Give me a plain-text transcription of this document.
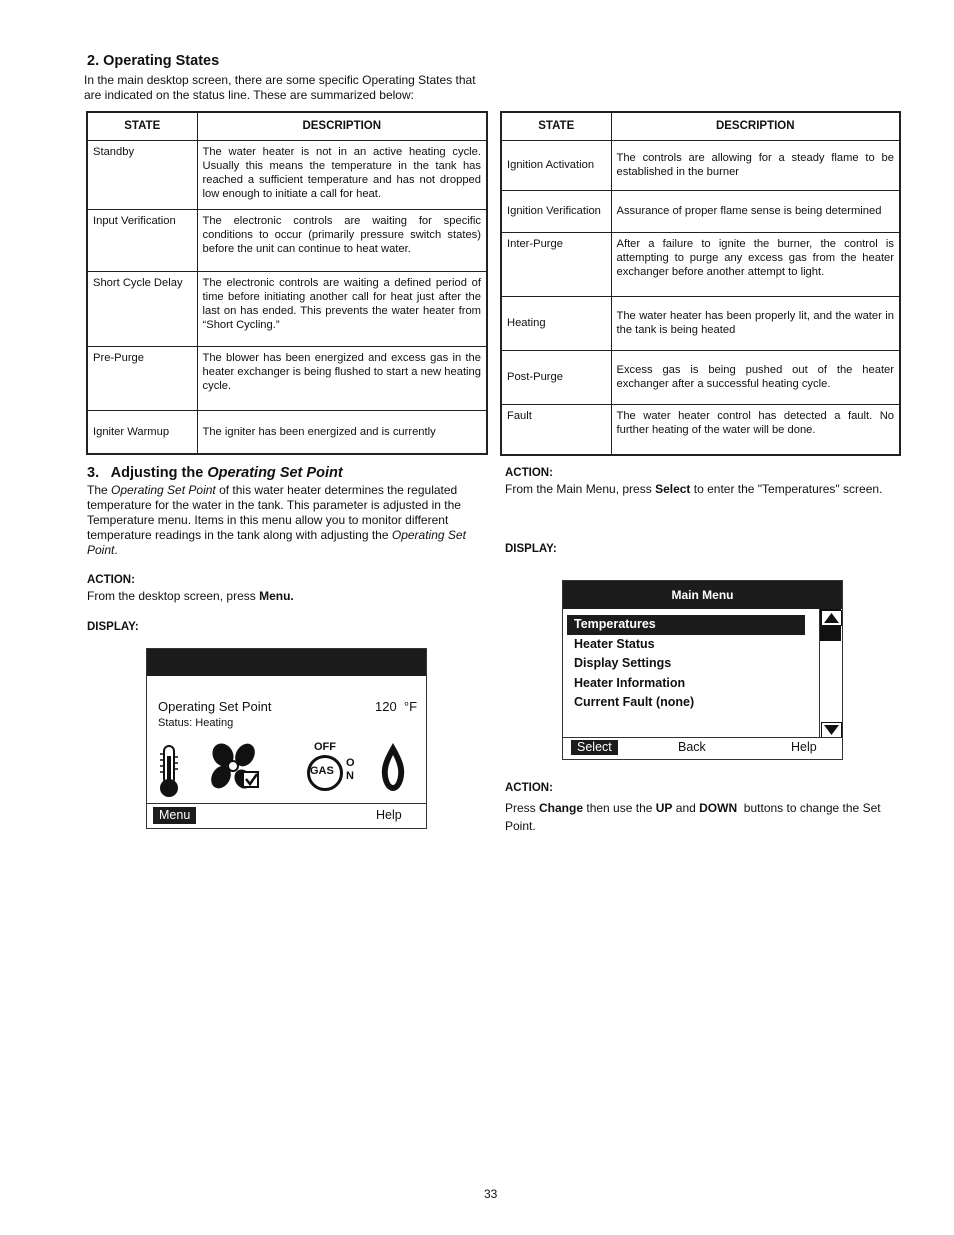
2. Operating States
In the main desktop screen, there are some specific Operating States that are indicated on the status line. These are summarized below:
STATE	DESCRIPTION
Standby	The water heater is not in an active heating cycle. Usually this means the temperature in the tank has reached a sufficient temperature and has not dropped low enough to initiate a call for heat.
Input Verification	The electronic controls are waiting for specific conditions to occur (primarily pressure switch states) before the unit can continue to heat water.
Short Cycle Delay	The electronic controls are waiting a defined period of time before initiating another call for heat just after the last on has ended. This prevents the water heater from “Short Cycling.”
Pre-Purge	The blower has been energized and excess gas in the heater exchanger is being flushed to start a new heating cycle.
Igniter Warmup	The igniter has been energized and is currently
STATE	DESCRIPTION
Ignition Activation	The controls are allowing for a steady flame to be established in the burner
Ignition Verification	Assurance of proper flame sense is being determined
Inter-Purge	After a failure to ignite the burner, the control is attempting to purge any excess gas from the heater exchanger before another attempt to light.
Heating	The water heater has been properly lit, and the water in the tank is being heated
Post-Purge	Excess gas is being pushed out of the heater exchanger after a successful heating cycle.
Fault	The water heater control has detected a fault. No further heating of the water will be done.
3.   Adjusting the Operating Set Point
The Operating Set Point of this water heater determines the regulated temperature for the water in the tank. This parameter is adjusted in the Temperature menu. Items in this menu allow you to monitor different temperature readings in the tank along with adjusting the Operating Set Point.
ACTION:
From the desktop screen, press Menu.
DISPLAY:
Operating Set Point	120  °F
Status: Heating
OFF
GAS
O
N
Menu	Help
ACTION:
From the Main Menu, press Select to enter the "Temperatures" screen.
DISPLAY:
Main Menu
Temperatures
Heater Status
Display Settings
Heater Information
Current Fault (none)
Select	Back	Help
ACTION:
Press Change then use the UP and DOWN  buttons to change the Set Point.
33
